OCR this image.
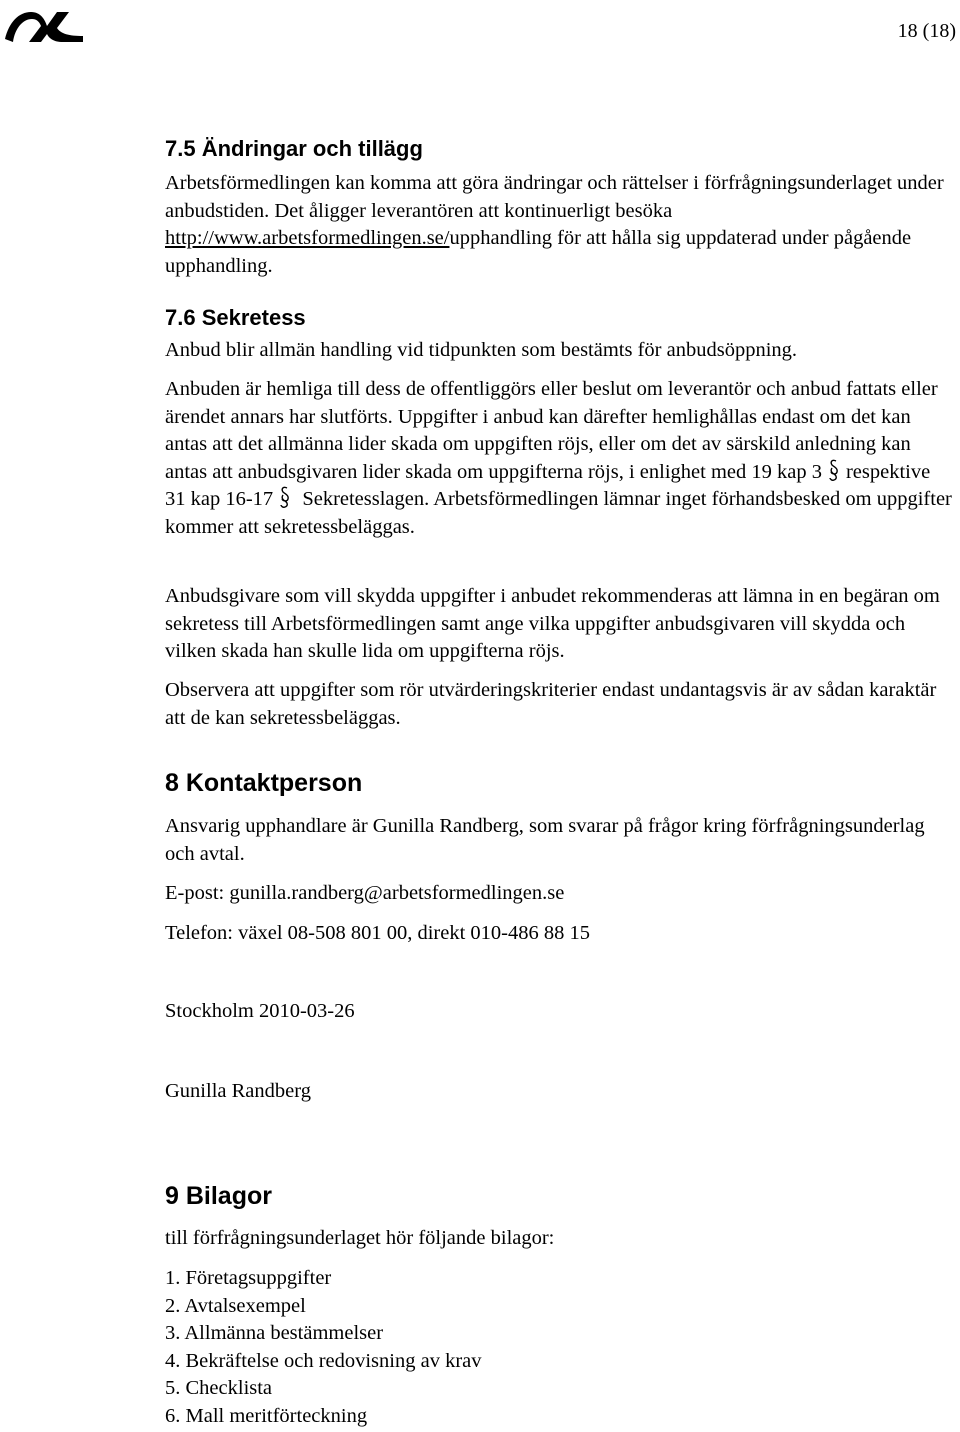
18 (18)
7.5 Ändringar och tillägg

Arbetsförmedlingen kan komma att göra ändringar och rättelser i förfrågningsunderlaget under anbudstiden. Det åligger leverantören att kontinuerligt besöka http://www.arbetsformedlingen.se/upphandling för att hålla sig uppdaterad under pågående upphandling.

7.6 Sekretess

Anbud blir allmän handling vid tidpunkten som bestämts för anbudsöppning.

Anbuden är hemliga till dess de offentliggörs eller beslut om leverantör och anbud fattats eller ärendet annars har slutförts. Uppgifter i anbud kan därefter hemlighållas endast om det kan antas att det allmänna lider skada om uppgiften röjs, eller om det av särskild anledning kan antas att anbudsgivaren lider skada om uppgifterna röjs, i enlighet med 19 kap 3 respektive 31 kap 16-17 Sekretesslagen. Arbetsförmedlingen lämnar inget förhandsbesked om uppgifter kommer att sekretessbeläggas.

Anbudsgivare som vill skydda uppgifter i anbudet rekommenderas att lämna in en begäran om sekretess till Arbetsförmedlingen samt ange vilka uppgifter anbudsgivaren vill skydda och vilken skada han skulle lida om uppgifterna röjs.

Observera att uppgifter som rör utvärderingskriterier endast undantagsvis är av sådan karaktär att de kan sekretessbeläggas.

8 Kontaktperson

Ansvarig upphandlare är Gunilla Randberg, som svarar på frågor kring förfrågningsunderlag och avtal.

E-post: gunilla.randberg@arbetsformedlingen.se

Telefon: växel 08-508 801 00, direkt 010-486 88 15

Stockholm 2010-03-26

Gunilla Randberg

9 Bilagor

till förfrågningsunderlaget hör följande bilagor:

1. Företagsuppgifter
2. Avtalsexempel
3. Allmänna bestämmelser
4. Bekräftelse och redovisning av krav
5. Checklista
6. Mall meritförteckning
